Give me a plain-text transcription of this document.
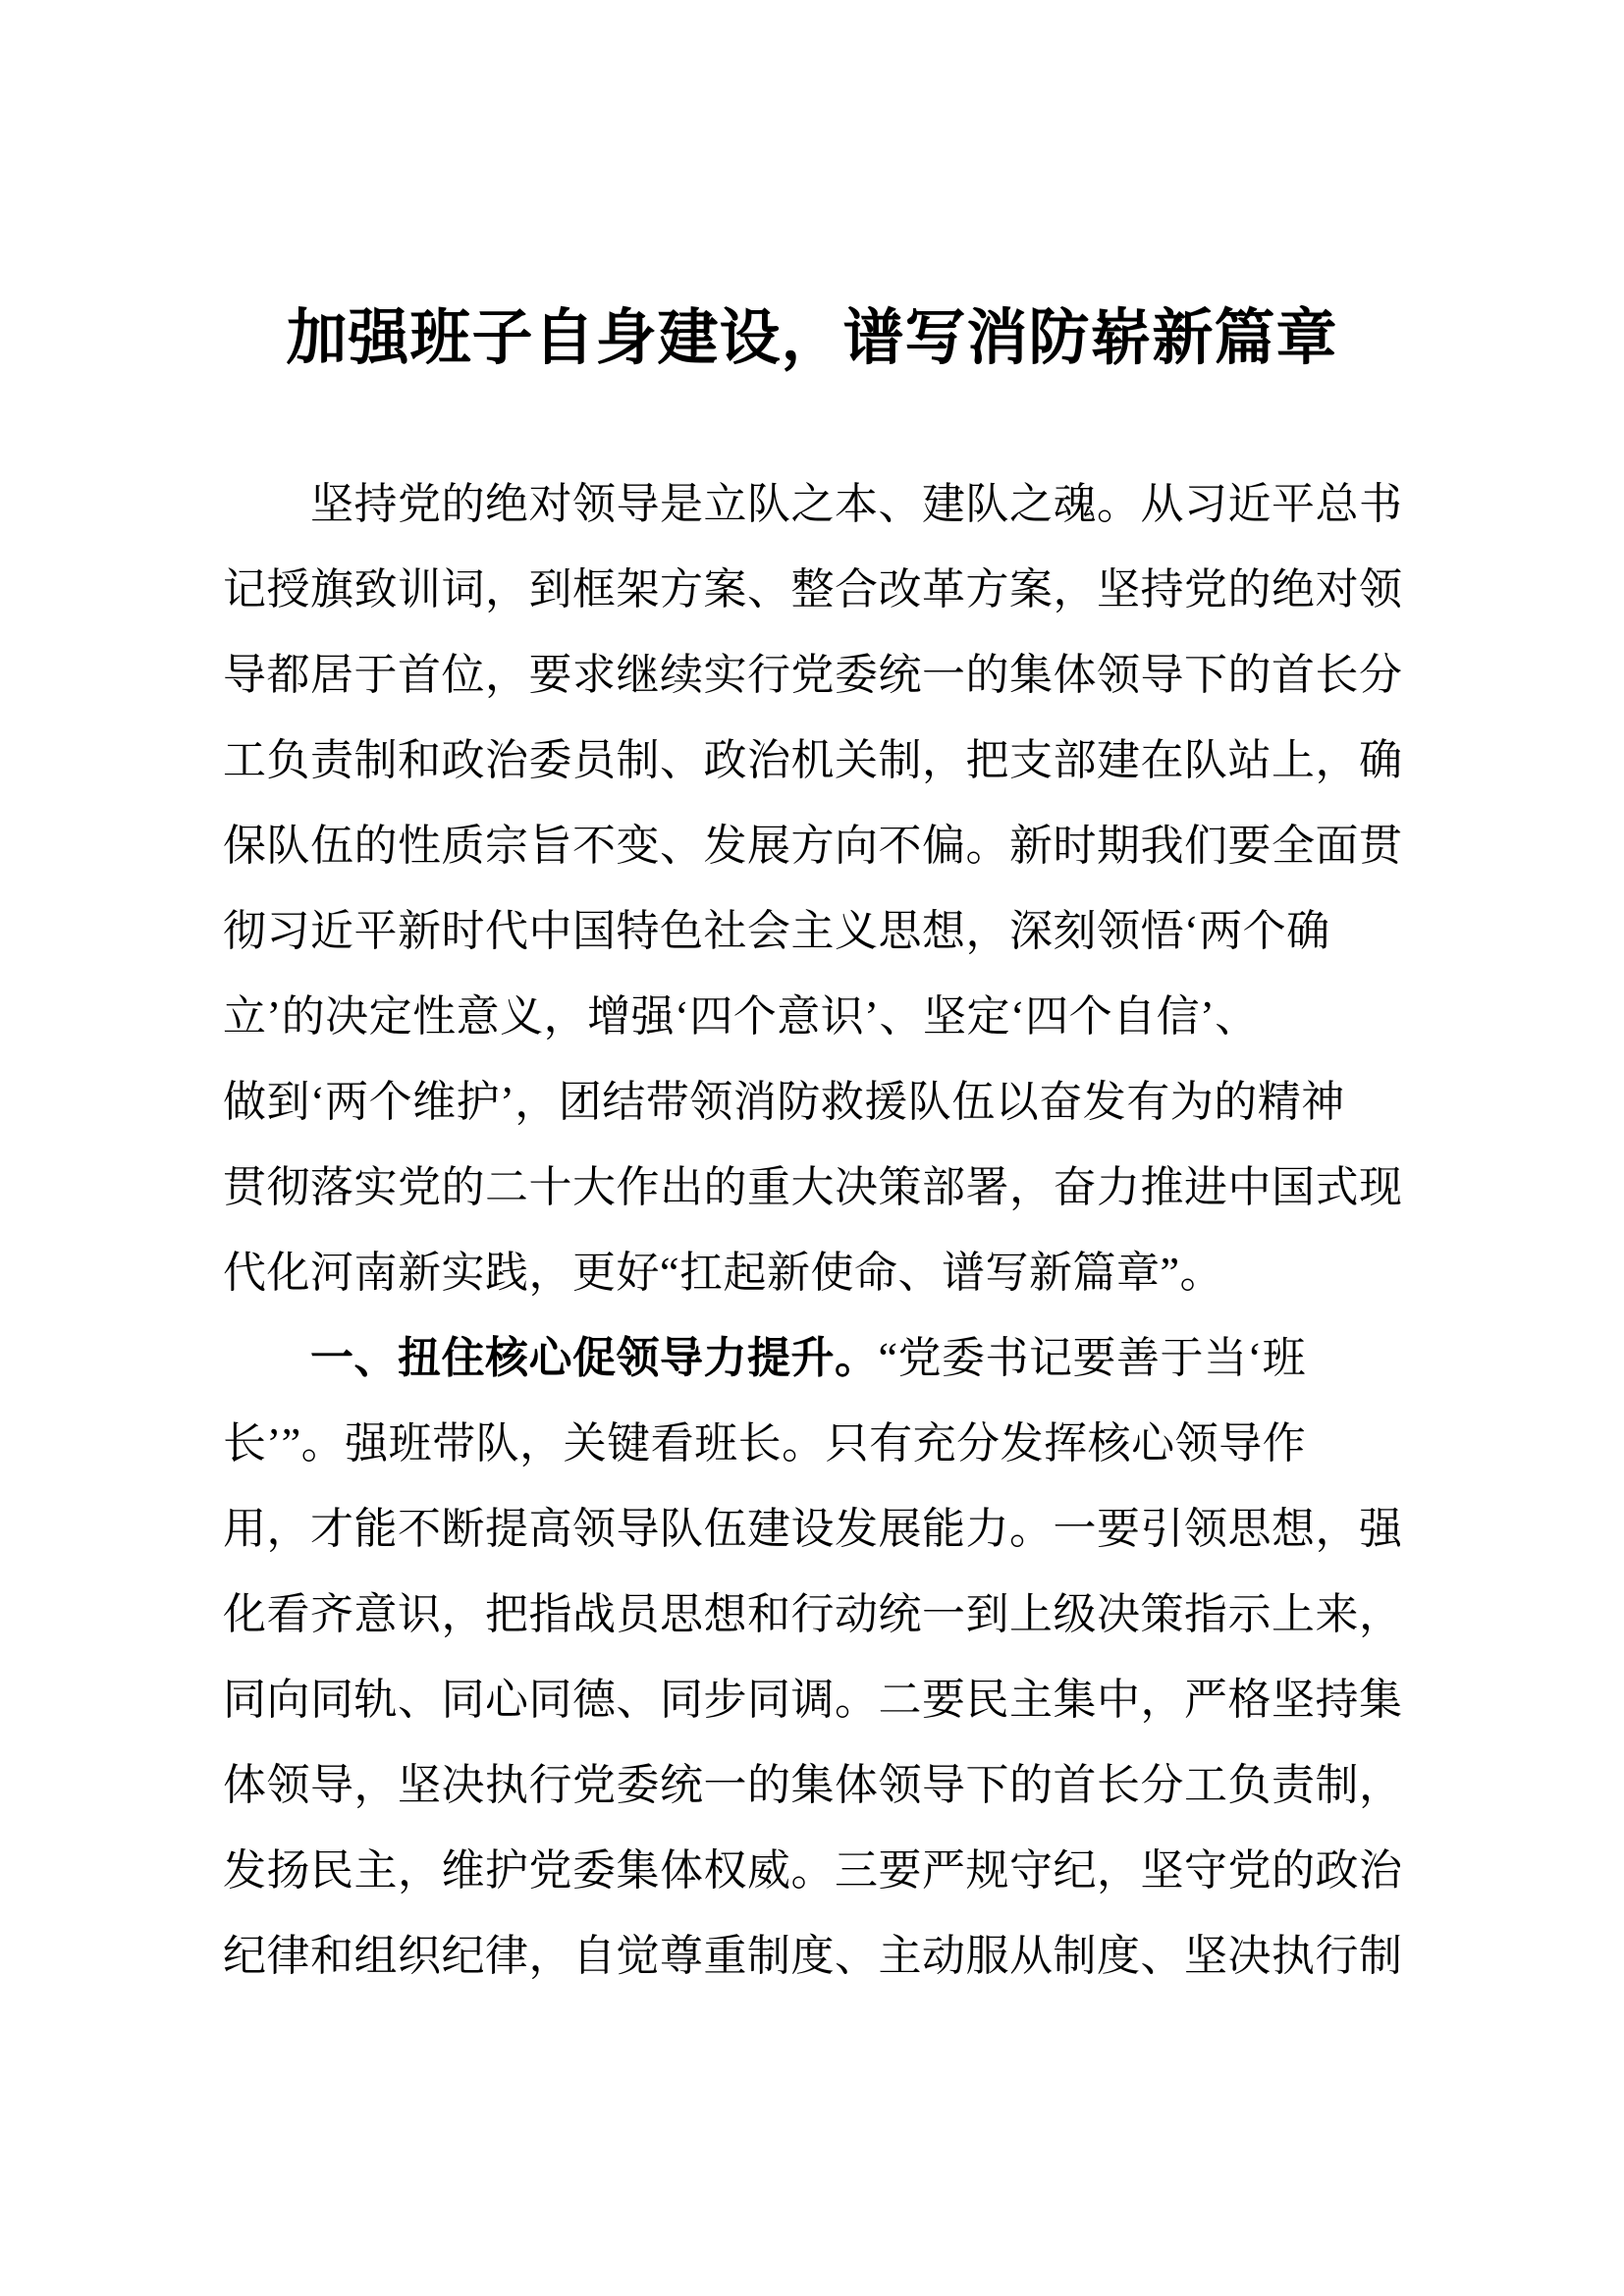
加强班子自身建设，谱写消防崭新篇章
坚持党的绝对领导是立队之本、建队之魂。从习近平总书
记授旗致训词，到框架方案、整合改革方案，坚持党的绝对领
导都居于首位，要求继续实行党委统一的集体领导下的首长分
工负责制和政治委员制、政治机关制，把支部建在队站上，确
保队伍的性质宗旨不变、发展方向不偏。新时期我们要全面贯
彻习近平新时代中国特色社会主义思想，深刻领悟‘两个确
立’的决定性意义，增强‘四个意识’、坚定‘四个自信’、
做到‘两个维护’，团结带领消防救援队伍以奋发有为的精神
贯彻落实党的二十大作出的重大决策部署，奋力推进中国式现
代化河南新实践，更好“扛起新使命、谱写新篇章”。
一、扭住核心促领导力提升。“党委书记要善于当‘班
长’”。强班带队，关键看班长。只有充分发挥核心领导作
用，才能不断提高领导队伍建设发展能力。一要引领思想，强
化看齐意识，把指战员思想和行动统一到上级决策指示上来，
同向同轨、同心同德、同步同调。二要民主集中，严格坚持集
体领导，坚决执行党委统一的集体领导下的首长分工负责制，
发扬民主，维护党委集体权威。三要严规守纪，坚守党的政治
纪律和组织纪律，自觉尊重制度、主动服从制度、坚决执行制
